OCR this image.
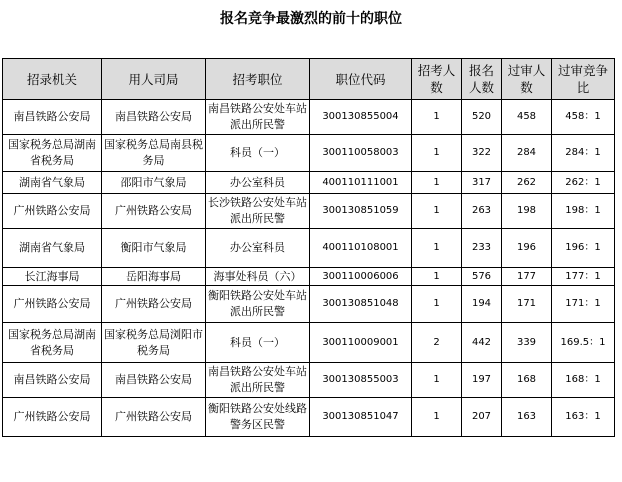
报名竞争最激烈的前十的职位
招录机关	用人司局	招考职位	职位代码	招考人数	报名人数	过审人数	过审竞争比
南昌铁路公安局	南昌铁路公安局	南昌铁路公安处车站派出所民警	300130855004	1	520	458	458：1
国家税务总局湖南省税务局	国家税务总局南县税务局	科员（一）	300110058003	1	322	284	284：1
湖南省气象局	邵阳市气象局	办公室科员	400110111001	1	317	262	262：1
广州铁路公安局	广州铁路公安局	长沙铁路公安处车站派出所民警	300130851059	1	263	198	198：1
湖南省气象局	衡阳市气象局	办公室科员	400110108001	1	233	196	196：1
长江海事局	岳阳海事局	海事处科员（六）	300110006006	1	576	177	177：1
广州铁路公安局	广州铁路公安局	衡阳铁路公安处车站派出所民警	300130851048	1	194	171	171：1
国家税务总局湖南省税务局	国家税务总局浏阳市税务局	科员（一）	300110009001	2	442	339	169.5：1
南昌铁路公安局	南昌铁路公安局	南昌铁路公安处车站派出所民警	300130855003	1	197	168	168：1
广州铁路公安局	广州铁路公安局	衡阳铁路公安处线路警务区民警	300130851047	1	207	163	163：1
